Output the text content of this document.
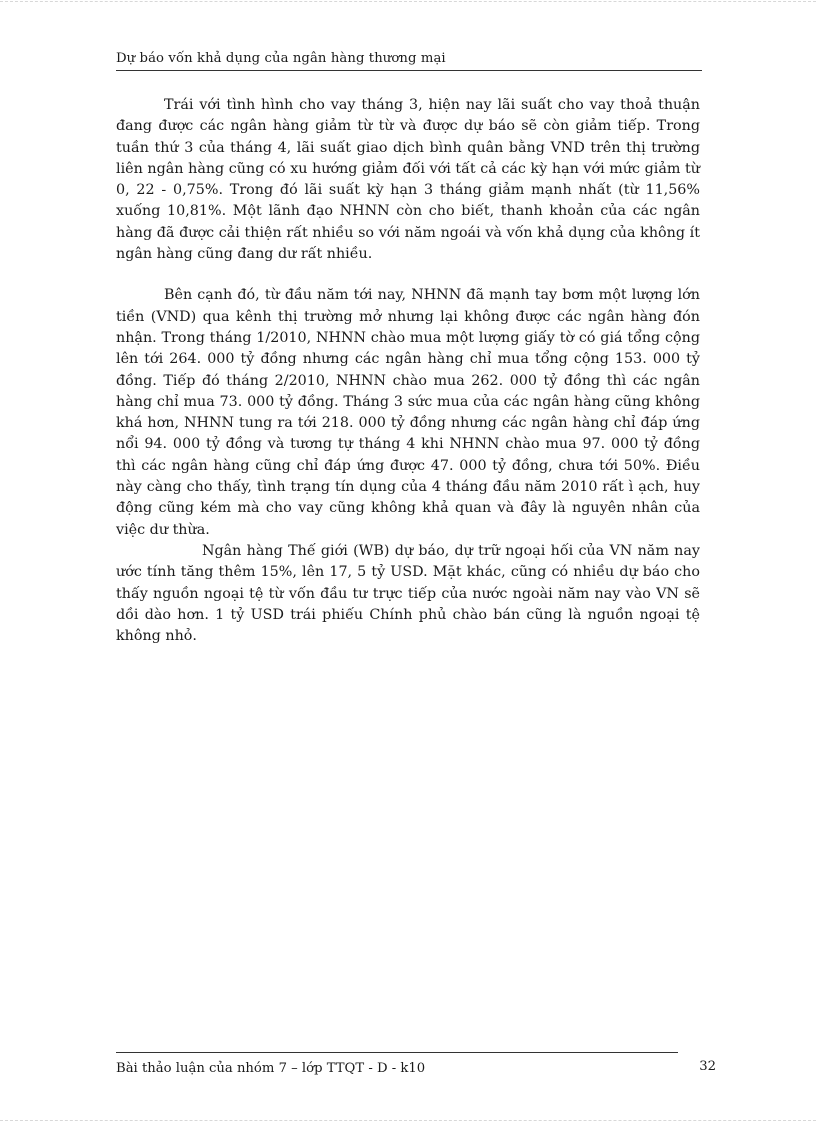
Dự báo vốn khả dụng của ngân hàng thương mại

Trái với tình hình cho vay tháng 3, hiện nay lãi suất cho vay thoả thuận đang được các ngân hàng giảm từ từ và được dự báo sẽ còn giảm tiếp. Trong tuần thứ 3 của tháng 4, lãi suất giao dịch bình quân bằng VND trên thị trường liên ngân hàng cũng có xu hướng giảm đối với tất cả các kỳ hạn với mức giảm từ 0, 22 - 0,75%. Trong đó lãi suất kỳ hạn 3 tháng giảm mạnh nhất (từ 11,56% xuống 10,81%. Một lãnh đạo NHNN còn cho biết, thanh khoản của các ngân hàng đã được cải thiện rất nhiều so với năm ngoái và vốn khả dụng của không ít ngân hàng cũng đang dư rất nhiều.

Bên cạnh đó, từ đầu năm tới nay, NHNN đã mạnh tay bơm một lượng lớn tiền (VND) qua kênh thị trường mở nhưng lại không được các ngân hàng đón nhận. Trong tháng 1/2010, NHNN chào mua một lượng giấy tờ có giá tổng cộng lên tới 264. 000 tỷ đồng nhưng các ngân hàng chỉ mua tổng cộng 153. 000 tỷ đồng. Tiếp đó tháng 2/2010, NHNN chào mua 262. 000 tỷ đồng thì các ngân hàng chỉ mua 73. 000 tỷ đồng. Tháng 3 sức mua của các ngân hàng cũng không khá hơn, NHNN tung ra tới 218. 000 tỷ đồng nhưng các ngân hàng chỉ đáp ứng nổi 94. 000 tỷ đồng và tương tự tháng 4 khi NHNN chào mua 97. 000 tỷ đồng thì các ngân hàng cũng chỉ đáp ứng được 47. 000 tỷ đồng, chưa tới 50%. Điều này càng cho thấy, tình trạng tín dụng của 4 tháng đầu năm 2010 rất ì ạch, huy động cũng kém mà cho vay cũng không khả quan và đây là nguyên nhân của việc dư thừa.

Ngân hàng Thế giới (WB) dự báo, dự trữ ngoại hối của VN năm nay ước tính tăng thêm 15%, lên 17, 5 tỷ USD. Mặt khác, cũng có nhiều dự báo cho thấy nguồn ngoại tệ từ vốn đầu tư trực tiếp của nước ngoài năm nay vào VN sẽ dồi dào hơn. 1 tỷ USD trái phiếu Chính phủ chào bán cũng là nguồn ngoại tệ không nhỏ.

Bài thảo luận của nhóm 7 – lớp TTQT - D - k10	32
